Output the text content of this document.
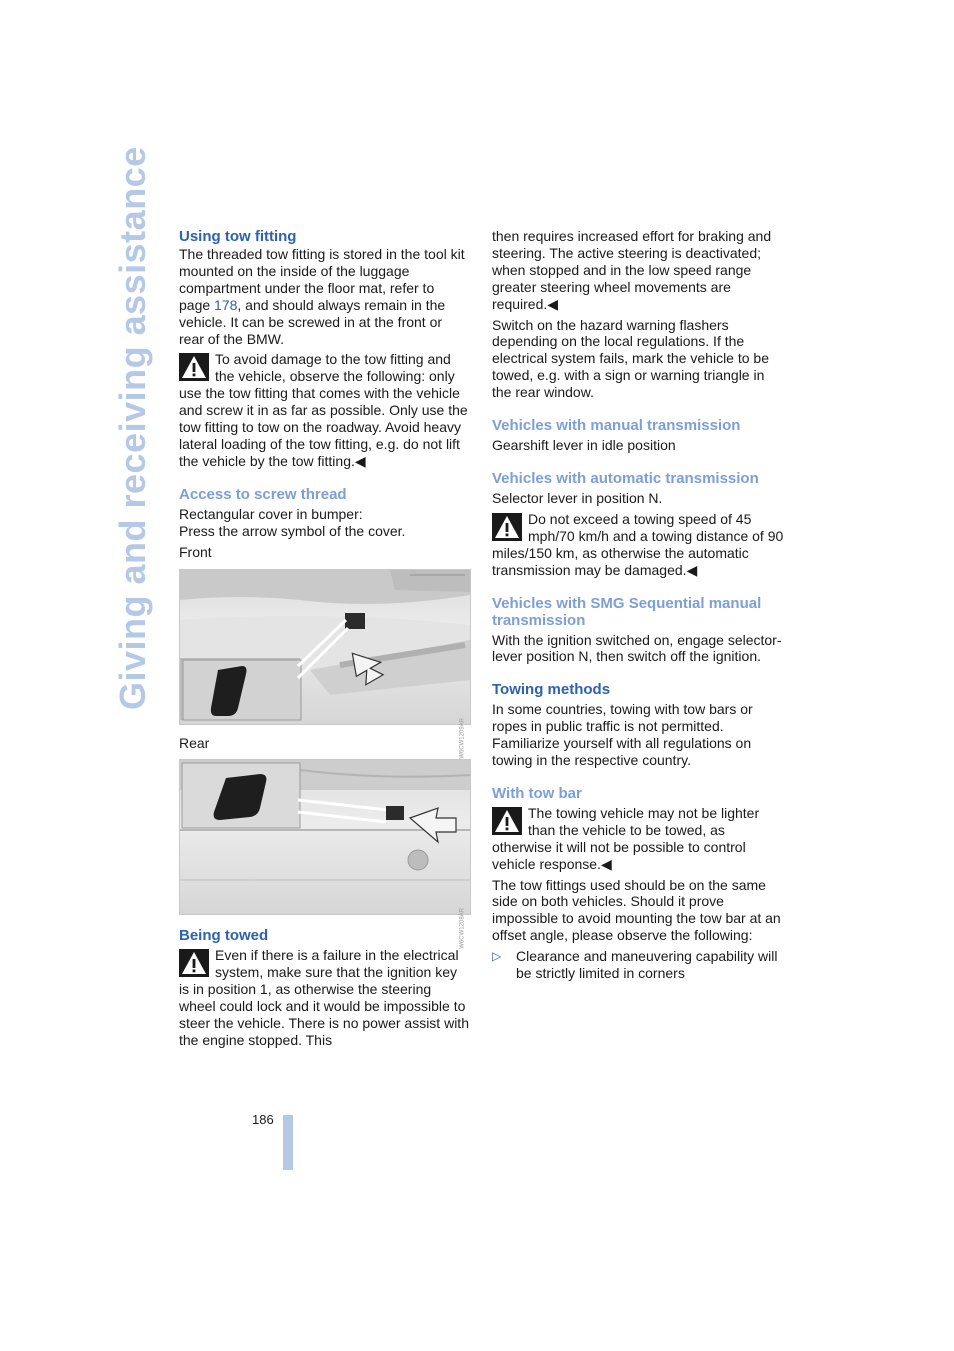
Giving and receiving assistance Using tow fitting

The threaded tow fitting is stored in the tool kit mounted on the inside of the luggage compartment under the floor mat, refer to page 178, and should always remain in the vehicle. It can be screwed in at the front or rear of the BMW.

To avoid damage to the tow fitting and the vehicle, observe the following: only use the tow fitting that comes with the vehicle and screw it in as far as possible. Only use the tow fitting to tow on the roadway. Avoid heavy lateral loading of the tow fitting, e.g. do not lift the vehicle by the tow fitting.◀

Access to screw thread

Rectangular cover in bumper:

Press the arrow symbol of the cover.

Front

W6CW1209AR

Rear

W6CW1208AR
Being towed

Even if there is a failure in the electrical system, make sure that the ignition key is in position 1, as otherwise the steering wheel could lock and it would be impossible to steer the vehicle. There is no power assist with the engine stopped. This

then requires increased effort for braking and steering. The active steering is deactivated; when stopped and in the low speed range greater steering wheel movements are required.◀

Switch on the hazard warning flashers depending on the local regulations. If the electrical system fails, mark the vehicle to be towed, e.g. with a sign or warning triangle in the rear window.

Vehicles with manual transmission

Gearshift lever in idle position

Vehicles with automatic transmission

Selector lever in position N.

Do not exceed a towing speed of 45 mph/70 km/h and a towing distance of 90 miles/150 km, as otherwise the automatic transmission may be damaged.◀

Vehicles with SMG Sequential manual transmission

With the ignition switched on, engage selector-lever position N, then switch off the ignition.

Towing methods

In some countries, towing with tow bars or ropes in public traffic is not permitted. Familiarize yourself with all regulations on towing in the respective country.

With tow bar

The towing vehicle may not be lighter than the vehicle to be towed, as otherwise it will not be possible to control vehicle response.◀

The tow fittings used should be on the same side on both vehicles. Should it prove impossible to avoid mounting the tow bar at an offset angle, please observe the following:

▷	Clearance and maneuvering capability will be strictly limited in corners

186
